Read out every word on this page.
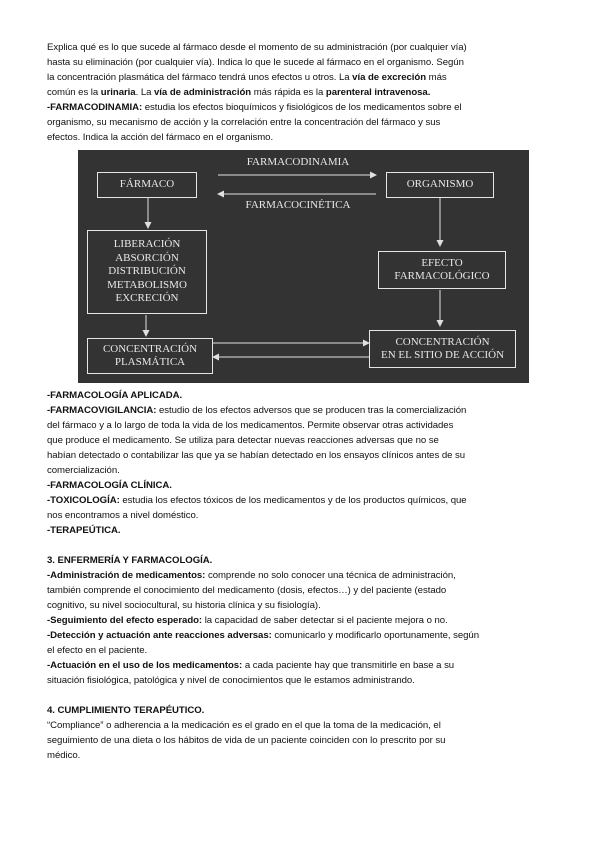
Explica qué es lo que sucede al fármaco desde el momento de su administración (por cualquier vía)
hasta su eliminación (por cualquier vía). Indica lo que le sucede al fármaco en el organismo. Según
la concentración plasmática del fármaco tendrá unos efectos u otros. La vía de excreción más
común es la urinaria. La vía de administración más rápida es la parenteral intravenosa.

-FARMACODINAMIA: estudia los efectos bioquímicos y fisiológicos de los medicamentos sobre el
organismo, su mecanismo de acción y la correlación entre la concentración del fármaco y sus
efectos. Indica la acción del fármaco en el organismo.

FÁRMACO	ORGANISMO
FARMACODINAMIA
FARMACOCINÉTICA
LIBERACIÓN
ABSORCIÓN
DISTRIBUCIÓN
METABOLISMO
EXCRECIÓN
EFECTO
FARMACOLÓGICO
CONCENTRACIÓN
PLASMÁTICA
CONCENTRACIÓN
EN EL SITIO DE ACCIÓN

-FARMACOLOGÍA APLICADA.

-FARMACOVIGILANCIA: estudio de los efectos adversos que se producen tras la comercialización
del fármaco y a lo largo de toda la vida de los medicamentos. Permite observar otras actividades
que produce el medicamento. Se utiliza para detectar nuevas reacciones adversas que no se
habían detectado o contabilizar las que ya se habían detectado en los ensayos clínicos antes de su
comercialización.

-FARMACOLOGÍA CLÍNICA.

-TOXICOLOGÍA: estudia los efectos tóxicos de los medicamentos y de los productos químicos, que
nos encontramos a nivel doméstico.

-TERAPEÚTICA.

3. ENFERMERÍA Y FARMACOLOGÍA.

-Administración de medicamentos: comprende no solo conocer una técnica de administración,
también comprende el conocimiento del medicamento (dosis, efectos…) y del paciente (estado
cognitivo, su nivel sociocultural, su historia clínica y su fisiología).

-Seguimiento del efecto esperado: la capacidad de saber detectar si el paciente mejora o no.

-Detección y actuación ante reacciones adversas: comunicarlo y modificarlo oportunamente, según
el efecto en el paciente.

-Actuación en el uso de los medicamentos: a cada paciente hay que transmitirle en base a su
situación fisiológica, patológica y nivel de conocimientos que le estamos administrando.

4. CUMPLIMIENTO TERAPÉUTICO.

“Compliance” o adherencia a la medicación es el grado en el que la toma de la medicación, el
seguimiento de una dieta o los hábitos de vida de un paciente coinciden con lo prescrito por su
médico.
